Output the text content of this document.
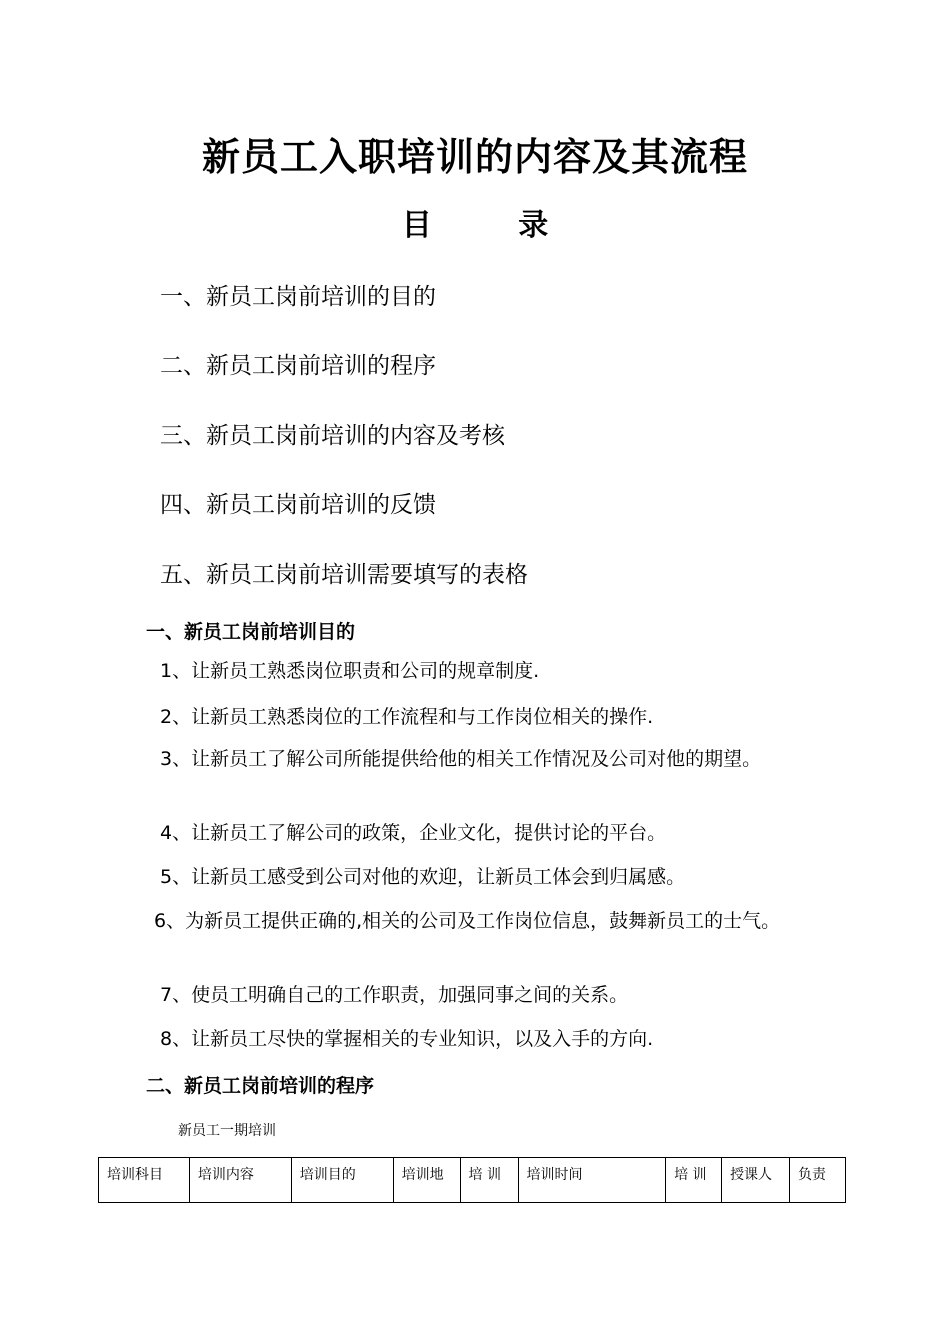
新员工入职培训的内容及其流程
目	录
一、新员工岗前培训的目的
二、新员工岗前培训的程序
三、新员工岗前培训的内容及考核
四、新员工岗前培训的反馈
五、新员工岗前培训需要填写的表格
一、新员工岗前培训目的
1、让新员工熟悉岗位职责和公司的规章制度.
2、让新员工熟悉岗位的工作流程和与工作岗位相关的操作.
3、让新员工了解公司所能提供给他的相关工作情况及公司对他的期望。
4、让新员工了解公司的政策，企业文化，提供讨论的平台。
5、让新员工感受到公司对他的欢迎，让新员工体会到归属感。
6、为新员工提供正确的,相关的公司及工作岗位信息，鼓舞新员工的士气。
7、使员工明确自己的工作职责，加强同事之间的关系。
8、让新员工尽快的掌握相关的专业知识，以及入手的方向.
二、新员工岗前培训的程序
新员工一期培训
培训科目	培训内容	培训目的	培训地	培 训	培训时间	培 训	授课人	负责
